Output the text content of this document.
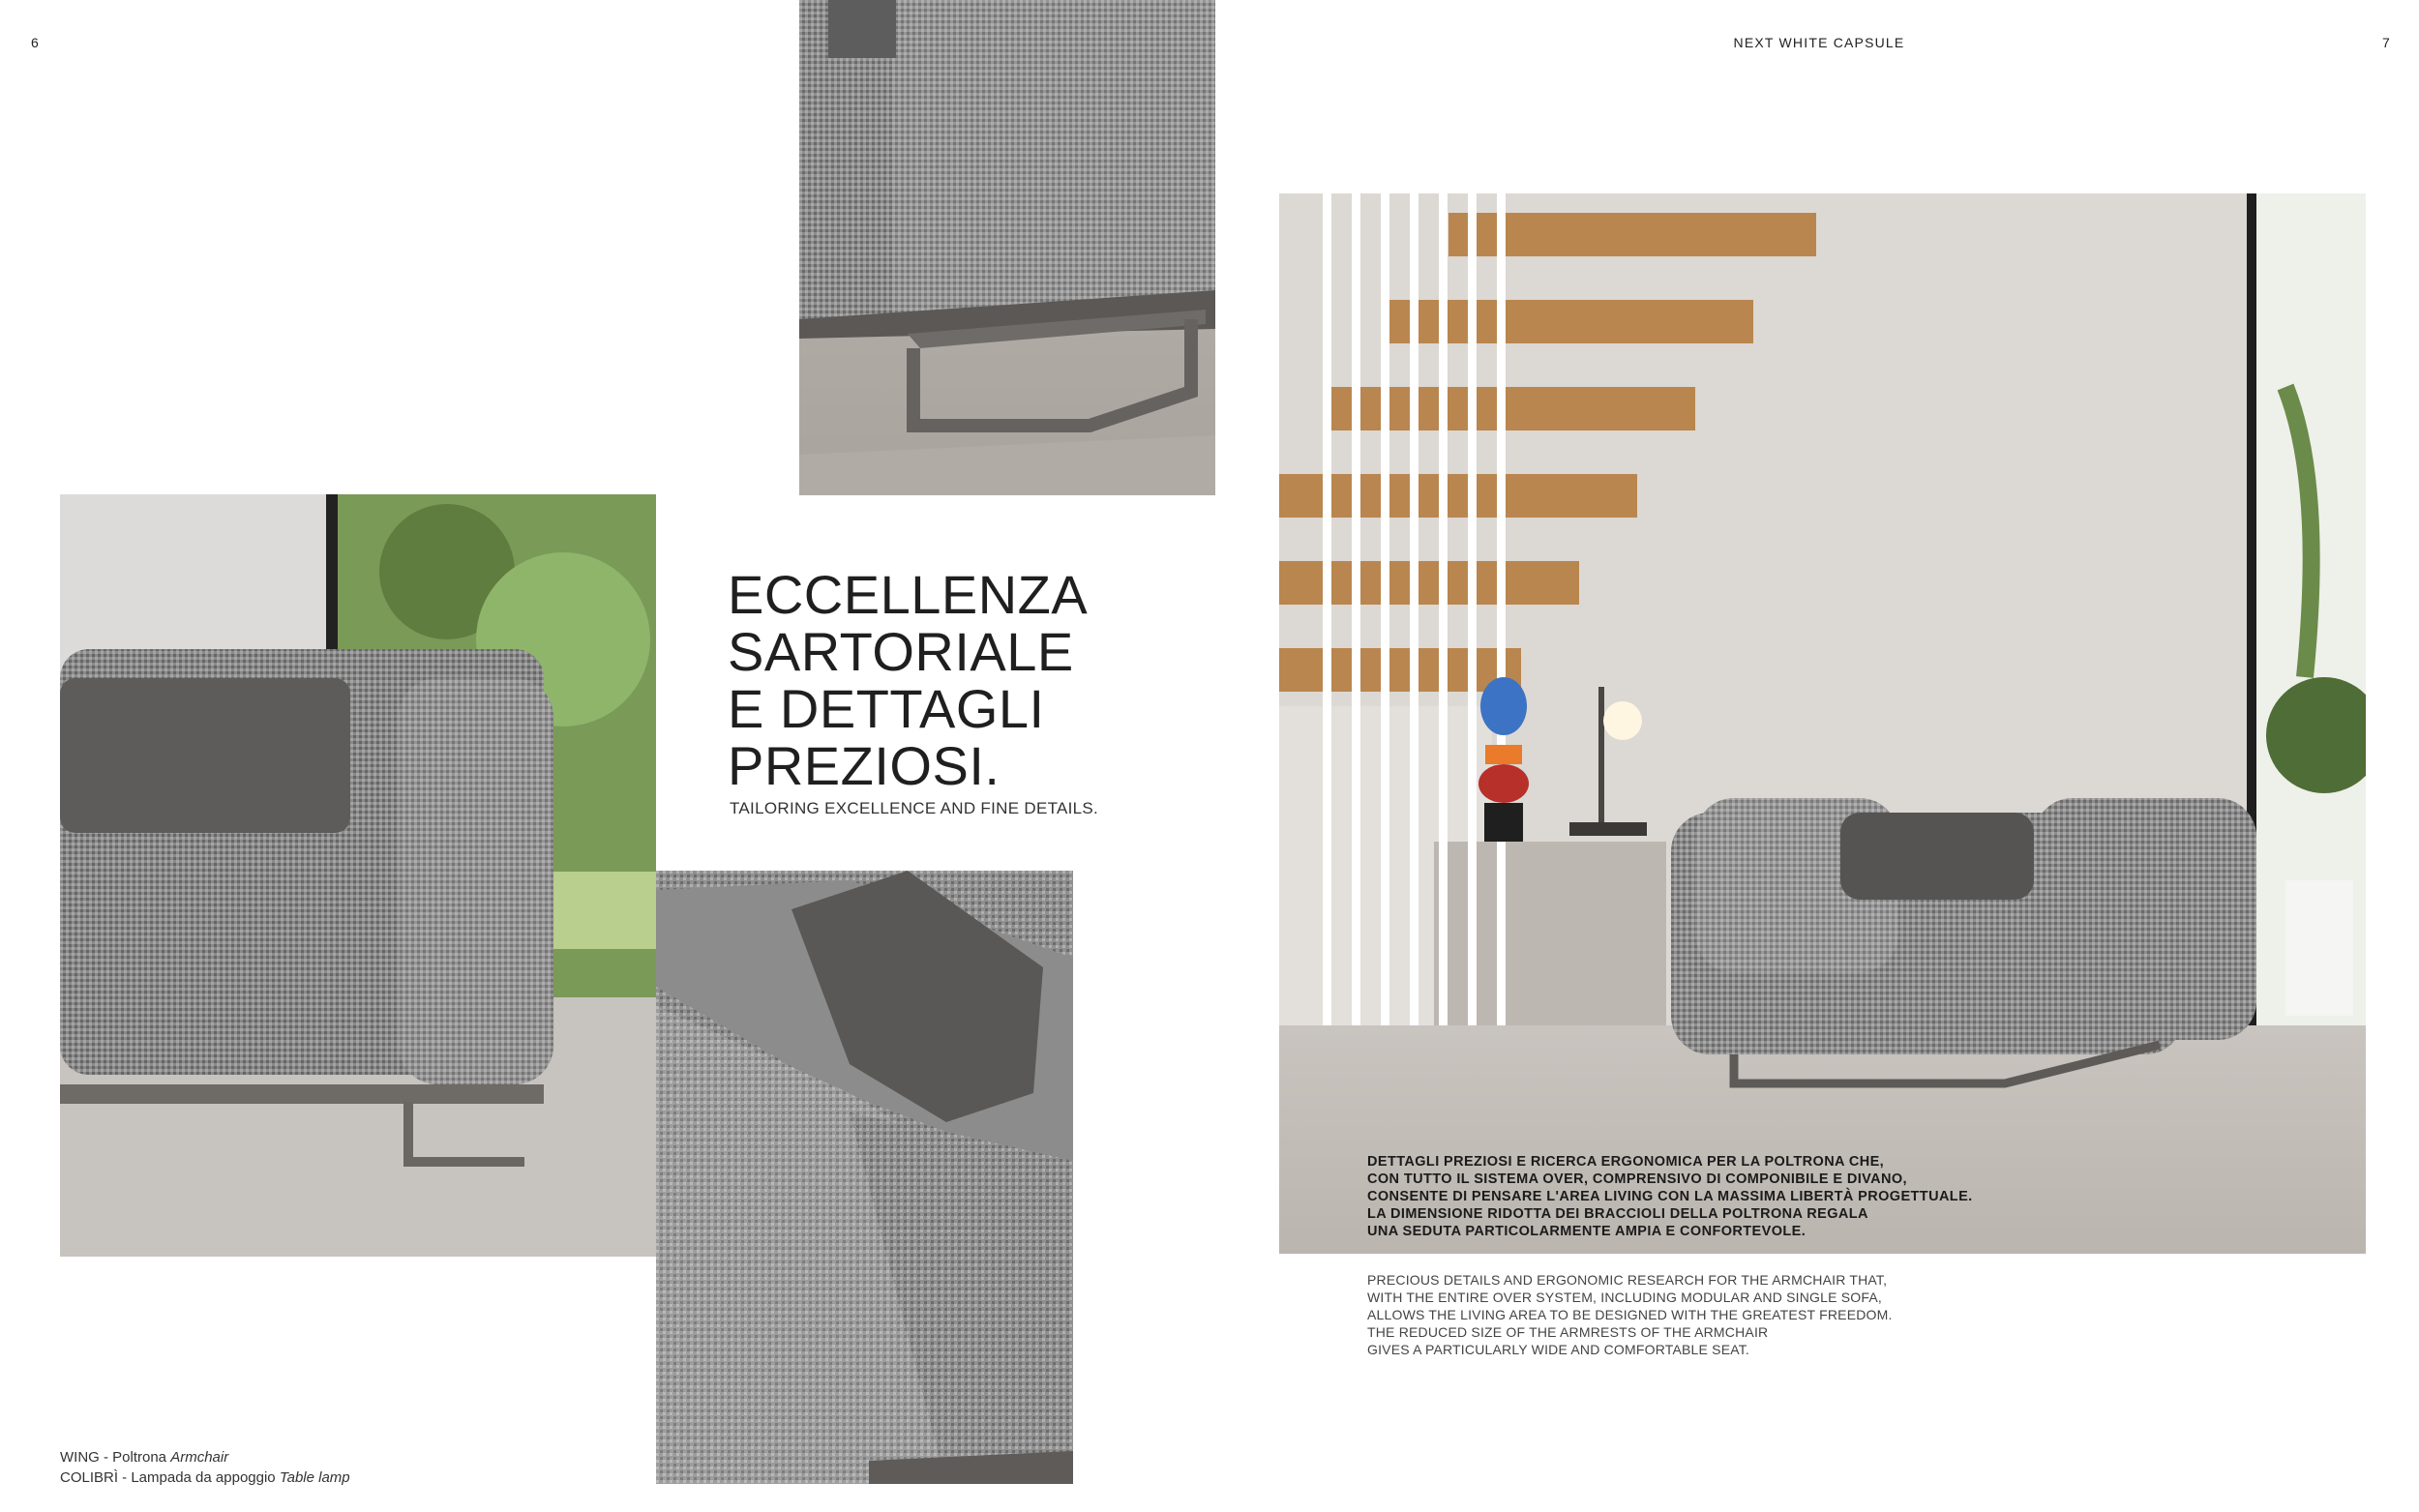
6	NEXT WHITE CAPSULE	7
ECCELLENZA
SARTORIALE
E DETTAGLI
PREZIOSI.
TAILORING EXCELLENCE AND FINE DETAILS.
DETTAGLI PREZIOSI E RICERCA ERGONOMICA PER LA POLTRONA CHE,
CON TUTTO IL SISTEMA OVER, COMPRENSIVO DI COMPONIBILE E DIVANO,
CONSENTE DI PENSARE L'AREA LIVING CON LA MASSIMA LIBERTÀ PROGETTUALE.
LA DIMENSIONE RIDOTTA DEI BRACCIOLI DELLA POLTRONA REGALA
UNA SEDUTA PARTICOLARMENTE AMPIA E CONFORTEVOLE.
PRECIOUS DETAILS AND ERGONOMIC RESEARCH FOR THE ARMCHAIR THAT,
WITH THE ENTIRE OVER SYSTEM, INCLUDING MODULAR AND SINGLE SOFA,
ALLOWS THE LIVING AREA TO BE DESIGNED WITH THE GREATEST FREEDOM.
THE REDUCED SIZE OF THE ARMRESTS OF THE ARMCHAIR
GIVES A PARTICULARLY WIDE AND COMFORTABLE SEAT.
WING - Poltrona Armchair
COLIBRÌ - Lampada da appoggio Table lamp
